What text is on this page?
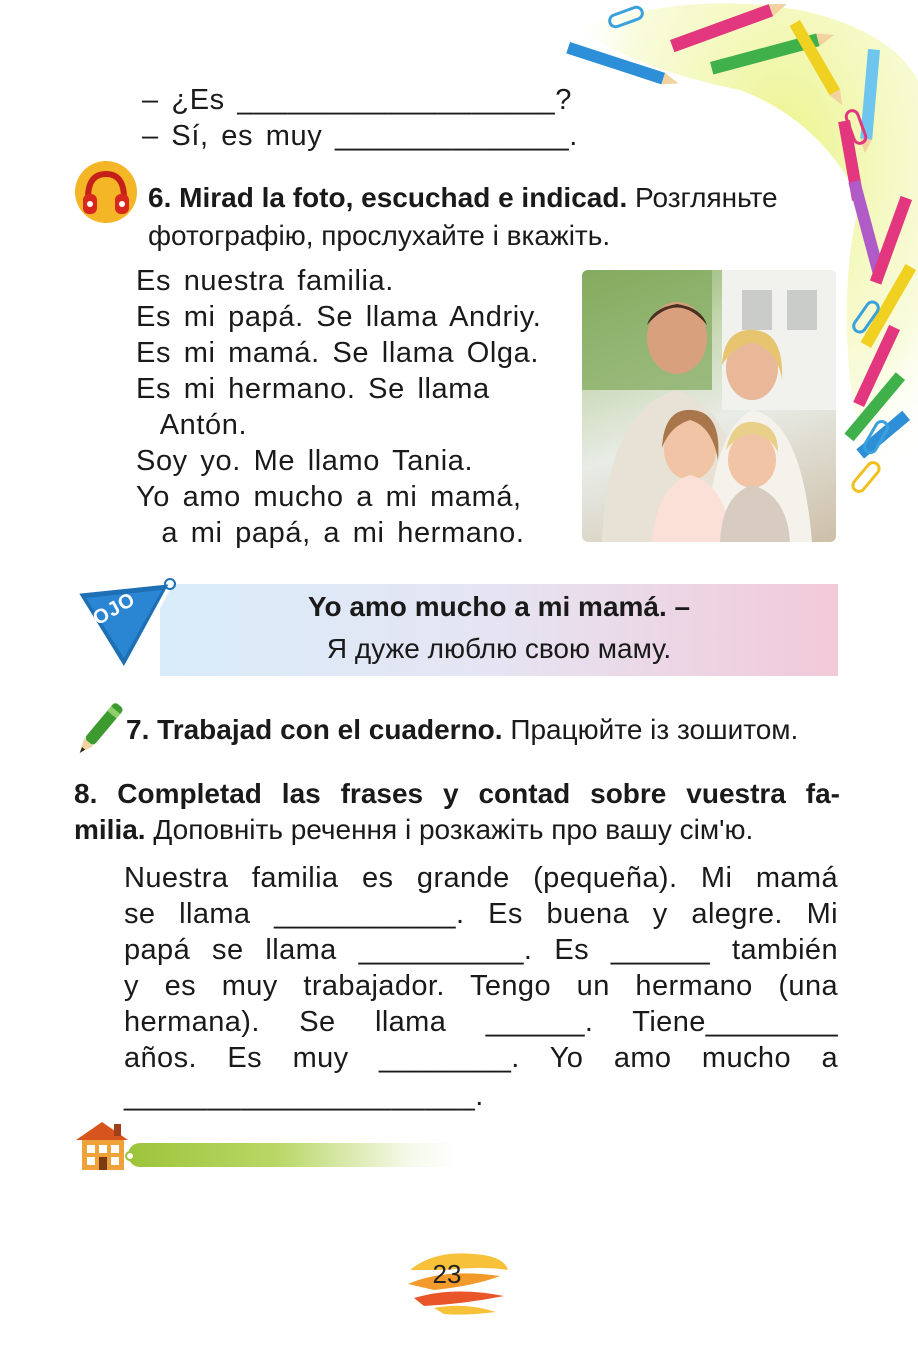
– ¿Es ___________________?
– Sí, es muy ______________.
6. Mirad la foto, escuchad e indicad. Розгляньте
фотографію, прослухайте і вкажіть.
Es nuestra familia.
Es mi papá. Se llama Andriy.
Es mi mamá. Se llama Olga.
Es mi hermano. Se llama
Antón.
Soy yo. Me llamo Tania.
Yo amo mucho a mi mamá,
a mi papá, a mi hermano.
OJO	Yo amo mucho a mi mamá. –
Я дуже люблю свою маму.
7. Trabajad con el cuaderno. Працюйте із зошитом.
8. Completad las frases y contad sobre vuestra fa-
milia. Доповніть речення і розкажіть про вашу сім'ю.
Nuestra familia es grande (pequeña). Mi mamá
se llama ___________. Es buena y alegre. Mi
papá se llama __________. Es ______ también
y es muy trabajador. Tengo un hermano (una
hermana). Se llama ______. Tiene________
años. Es muy ________. Yo amo mucho a
_____________________.
23
